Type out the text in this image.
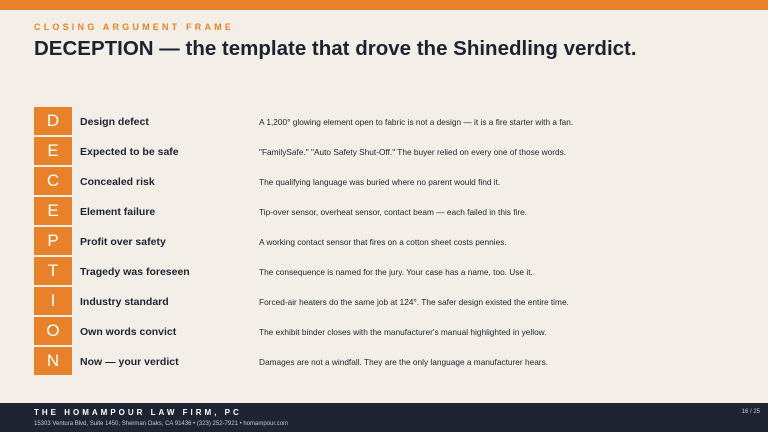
CLOSING ARGUMENT FRAME
DECEPTION — the template that drove the Shinedling verdict.
D	Design defect	A 1,200° glowing element open to fabric is not a design — it is a fire starter with a fan.
E	Expected to be safe	"FamilySafe." "Auto Safety Shut-Off." The buyer relied on every one of those words.
C	Concealed risk	The qualifying language was buried where no parent would find it.
E	Element failure	Tip-over sensor, overheat sensor, contact beam — each failed in this fire.
P	Profit over safety	A working contact sensor that fires on a cotton sheet costs pennies.
T	Tragedy was foreseen	The consequence is named for the jury. Your case has a name, too. Use it.
I	Industry standard	Forced-air heaters do the same job at 124°. The safer design existed the entire time.
O	Own words convict	The exhibit binder closes with the manufacturer's manual highlighted in yellow.
N	Now — your verdict	Damages are not a windfall. They are the only language a manufacturer hears.
THE HOMAMPOUR LAW FIRM, PC
15303 Ventura Blvd, Suite 1450, Sherman Oaks, CA 91436 • (323) 252-7921 • homampour.com
16 / 25
